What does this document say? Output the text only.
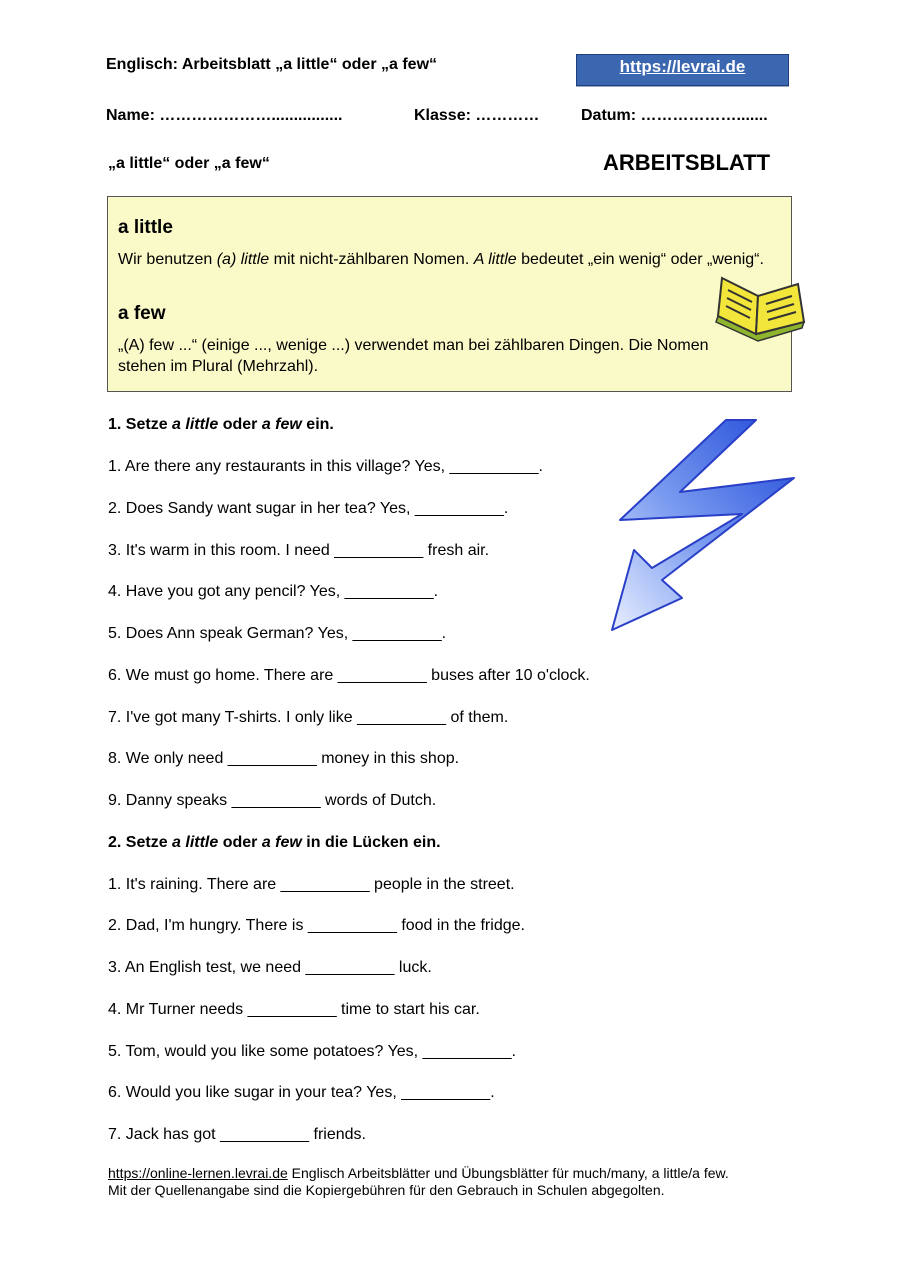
Englisch: Arbeitsblatt „a little“ oder „a few“	https://levrai.de
Name: …………………................	Klasse: …………	Datum: ……………….......
„a little“ oder „a few“	ARBEITSBLATT
a little
Wir benutzen (a) little mit nicht-zählbaren Nomen. A little bedeutet „ein wenig“ oder „wenig“.
a few
„(A) few ...“ (einige ..., wenige ...) verwendet man bei zählbaren Dingen. Die Nomen stehen im Plural (Mehrzahl).
1. Setze a little oder a few ein.
1. Are there any restaurants in this village? Yes, __________.
2. Does Sandy want sugar in her tea? Yes, __________.
3. It's warm in this room. I need __________ fresh air.
4. Have you got any pencil? Yes, __________.
5. Does Ann speak German? Yes, __________.
6. We must go home. There are __________ buses after 10 o'clock.
7. I've got many T-shirts. I only like __________ of them.
8. We only need __________ money in this shop.
9. Danny speaks __________ words of Dutch.
2. Setze a little oder a few in die Lücken ein.
1. It's raining. There are __________ people in the street.
2. Dad, I'm hungry. There is __________ food in the fridge.
3. An English test, we need __________ luck.
4. Mr Turner needs __________ time to start his car.
5. Tom, would you like some potatoes? Yes, __________.
6. Would you like sugar in your tea? Yes, __________.
7. Jack has got __________ friends.
https://online-lernen.levrai.de Englisch Arbeitsblätter und Übungsblätter für much/many, a little/a few.
Mit der Quellenangabe sind die Kopiergebühren für den Gebrauch in Schulen abgegolten.
